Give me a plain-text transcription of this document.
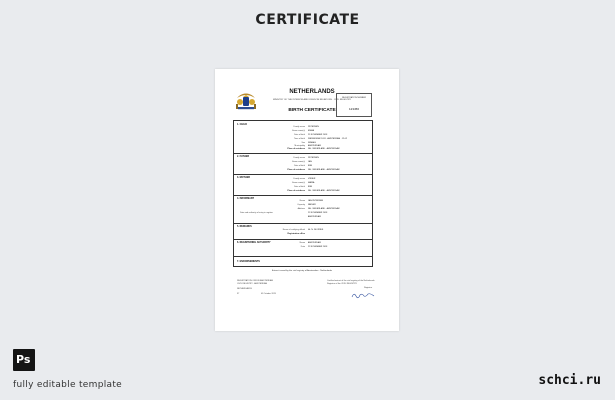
CERTIFICATE
NETHERLANDS
MINISTRY OF THE INTERIOR AND KINGDOM RELATIONS · CIVIL REGISTRY
BIRTH CERTIFICATE
REGISTRATION NUMBER
123456
1. CHILD
Family name PETERSEN
Given name(s) EMMA
Date of birth 21 NOVEMBER 2018
Time of birth WEDNESDAY 1031 · AMSTERDAM · 12:02
Sex FEMALE
Municipality AMSTERDAM
Place of residence NH · NEDERLAND · AMSTERDAM
2. FATHER	Family name PETERSEN
Given name(s) JAN
Date of birth BSN
Place of residence NH · NEDERLAND · AMSTERDAM
3. MOTHER	Family name VISSER
Given name(s) MARIA
Date of birth BSN
Place of residence NH · NEDERLAND · AMSTERDAM
4. INFORMANT
Name JAN PETERSEN
Capacity FATHER
Address NH · NEDERLAND · AMSTERDAM
Date and authority of entry in register	22 NOVEMBER 2018
AMSTERDAM
5. REMARKS
Name of certifying official Mr. N. DE VRIES
Registration office
6. REGISTERING AUTHORITY	Name AMSTERDAM
Date 22 NOVEMBER 2018
7. ENDORSEMENTS
Extract issued by the civil registry of Amsterdam · Netherlands
REGISTRATION OFFICE AMSTERDAM
CIVIL REGISTRY · AMSTERDAM
Certified extract of the civil registry of the Netherlands
Registrar of the CIVIL REGISTRY
NETHERLANDS
37	03 October 2019
Registrar
Ps
fully editable template	schci.ru
